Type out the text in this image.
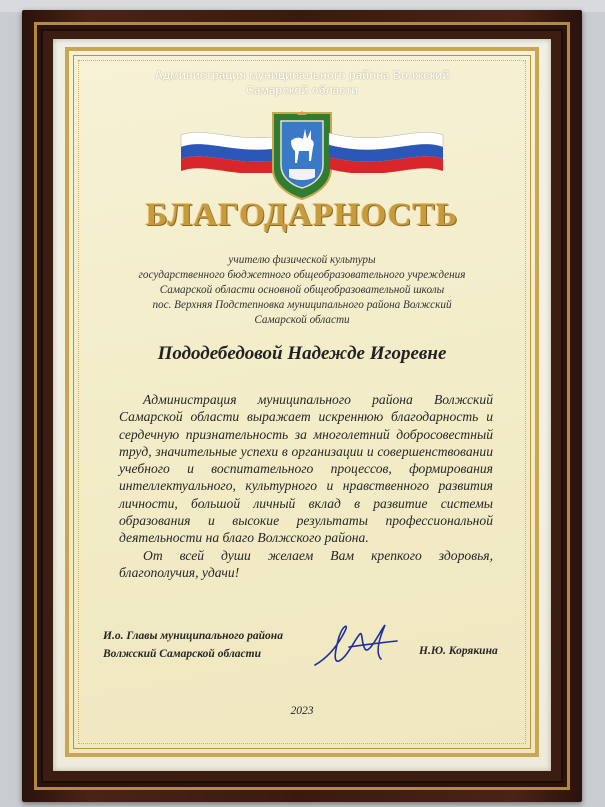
Администрация муниципального района Волжский
Самарской области
БЛАГОДАРНОСТЬ
учителю физической культуры
государственного бюджетного общеобразовательного учреждения
Самарской области основной общеобразовательной школы
пос. Верхняя Подстепновка муниципального района Волжский
Самарской области
Пододебедовой Надежде Игоревне

Администрация муниципального района Волжский Самарской области выражает искреннюю благодарность и сердечную признательность за многолетний добросовестный труд, значительные успехи в организации и совершенствовании учебного и воспитательного процессов, формирования интеллектуального, культурного и нравственного развития личности, большой личный вклад в развитие системы образования и высокие результаты профессиональной деятельности на благо Волжского района.

От всей души желаем Вам крепкого здоровья, благополучия, удачи!

И.о. Главы муниципального района
Волжский Самарской области	Н.Ю. Корякина
2023
